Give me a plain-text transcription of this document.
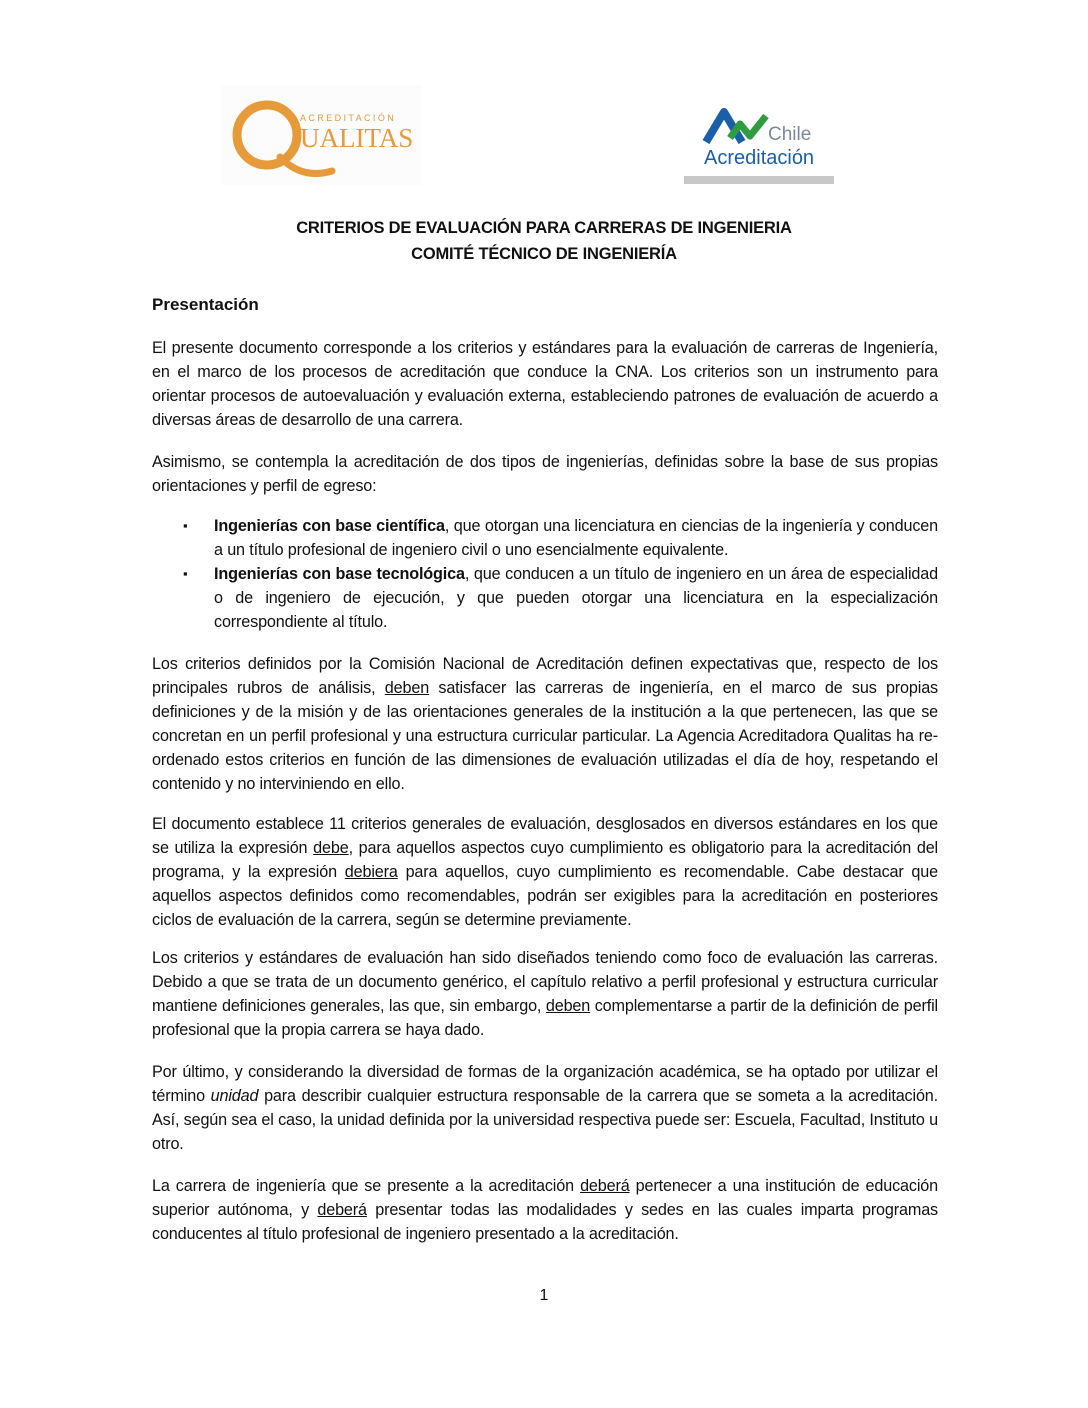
ACREDITACIÓN
UALITAS	Chile
Acreditación
CRITERIOS DE EVALUACIÓN PARA CARRERAS DE INGENIERIA
COMITÉ TÉCNICO DE INGENIERÍA
Presentación
El presente documento corresponde a los criterios y estándares para la evaluación de carreras de Ingeniería, en el marco de los procesos de acreditación que conduce la CNA. Los criterios son un instrumento para orientar procesos de autoevaluación y evaluación externa, estableciendo patrones de evaluación de acuerdo a diversas áreas de desarrollo de una carrera.
Asimismo, se contempla la acreditación de dos tipos de ingenierías, definidas sobre la base de sus propias orientaciones y perfil de egreso:
▪ Ingenierías con base científica, que otorgan una licenciatura en ciencias de la ingeniería y conducen a un título profesional de ingeniero civil o uno esencialmente equivalente.
▪ Ingenierías con base tecnológica, que conducen a un título de ingeniero en un área de especialidad o de ingeniero de ejecución, y que pueden otorgar una licenciatura en la especialización correspondiente al título.
Los criterios definidos por la Comisión Nacional de Acreditación definen expectativas que, respecto de los principales rubros de análisis, deben satisfacer las carreras de ingeniería, en el marco de sus propias definiciones y de la misión y de las orientaciones generales de la institución a la que pertenecen, las que se concretan en un perfil profesional y una estructura curricular particular. La Agencia Acreditadora Qualitas ha re-ordenado estos criterios en función de las dimensiones de evaluación utilizadas el día de hoy, respetando el contenido y no interviniendo en ello.
El documento establece 11 criterios generales de evaluación, desglosados en diversos estándares en los que se utiliza la expresión debe, para aquellos aspectos cuyo cumplimiento es obligatorio para la acreditación del programa, y la expresión debiera para aquellos, cuyo cumplimiento es recomendable. Cabe destacar que aquellos aspectos definidos como recomendables, podrán ser exigibles para la acreditación en posteriores ciclos de evaluación de la carrera, según se determine previamente.
Los criterios y estándares de evaluación han sido diseñados teniendo como foco de evaluación las carreras. Debido a que se trata de un documento genérico, el capítulo relativo a perfil profesional y estructura curricular mantiene definiciones generales, las que, sin embargo, deben complementarse a partir de la definición de perfil profesional que la propia carrera se haya dado.
Por último, y considerando la diversidad de formas de la organización académica, se ha optado por utilizar el término unidad para describir cualquier estructura responsable de la carrera que se someta a la acreditación. Así, según sea el caso, la unidad definida por la universidad respectiva puede ser: Escuela, Facultad, Instituto u otro.
La carrera de ingeniería que se presente a la acreditación deberá pertenecer a una institución de educación superior autónoma, y deberá presentar todas las modalidades y sedes en las cuales imparta programas conducentes al título profesional de ingeniero presentado a la acreditación.
1
